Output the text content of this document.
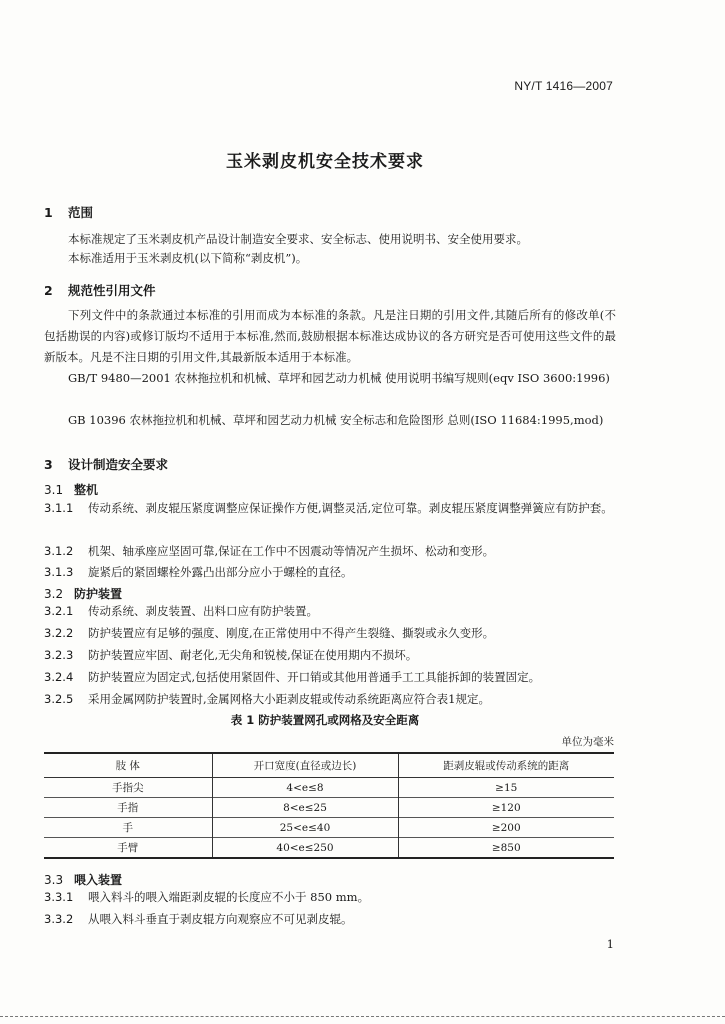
NY/T 1416—2007
玉米剥皮机安全技术要求
1 范围
本标准规定了玉米剥皮机产品设计制造安全要求、安全标志、使用说明书、安全使用要求。
本标准适用于玉米剥皮机(以下简称“剥皮机”)。
2 规范性引用文件
下列文件中的条款通过本标准的引用而成为本标准的条款。凡是注日期的引用文件,其随后所有的修改单(不包括勘误的内容)或修订版均不适用于本标准,然而,鼓励根据本标准达成协议的各方研究是否可使用这些文件的最新版本。凡是不注日期的引用文件,其最新版本适用于本标准。
GB/T 9480—2001 农林拖拉机和机械、草坪和园艺动力机械 使用说明书编写规则(eqv ISO 3600:1996)
GB 10396 农林拖拉机和机械、草坪和园艺动力机械 安全标志和危险图形 总则(ISO 11684:1995,mod)
3 设计制造安全要求
3.1 整机
3.1.1 传动系统、剥皮辊压紧度调整应保证操作方便,调整灵活,定位可靠。剥皮辊压紧度调整弹簧应有防护套。
3.1.2 机架、轴承座应坚固可靠,保证在工作中不因震动等情况产生损坏、松动和变形。
3.1.3 旋紧后的紧固螺栓外露凸出部分应小于螺栓的直径。
3.2 防护装置
3.2.1 传动系统、剥皮装置、出料口应有防护装置。
3.2.2 防护装置应有足够的强度、刚度,在正常使用中不得产生裂缝、撕裂或永久变形。
3.2.3 防护装置应牢固、耐老化,无尖角和锐棱,保证在使用期内不损坏。
3.2.4 防护装置应为固定式,包括使用紧固件、开口销或其他用普通手工工具能拆卸的装置固定。
3.2.5 采用金属网防护装置时,金属网格大小距剥皮辊或传动系统距离应符合表1规定。
表 1 防护装置网孔或网格及安全距离
单位为毫米
肢 体	开口宽度(直径或边长)	距剥皮辊或传动系统的距离
手指尖	4<e≤8	≥15
手指	8<e≤25	≥120
手	25<e≤40	≥200
手臂	40<e≤250	≥850
3.3 喂入装置
3.3.1 喂入料斗的喂入端距剥皮辊的长度应不小于 850 mm。
3.3.2 从喂入料斗垂直于剥皮辊方向观察应不可见剥皮辊。
1
